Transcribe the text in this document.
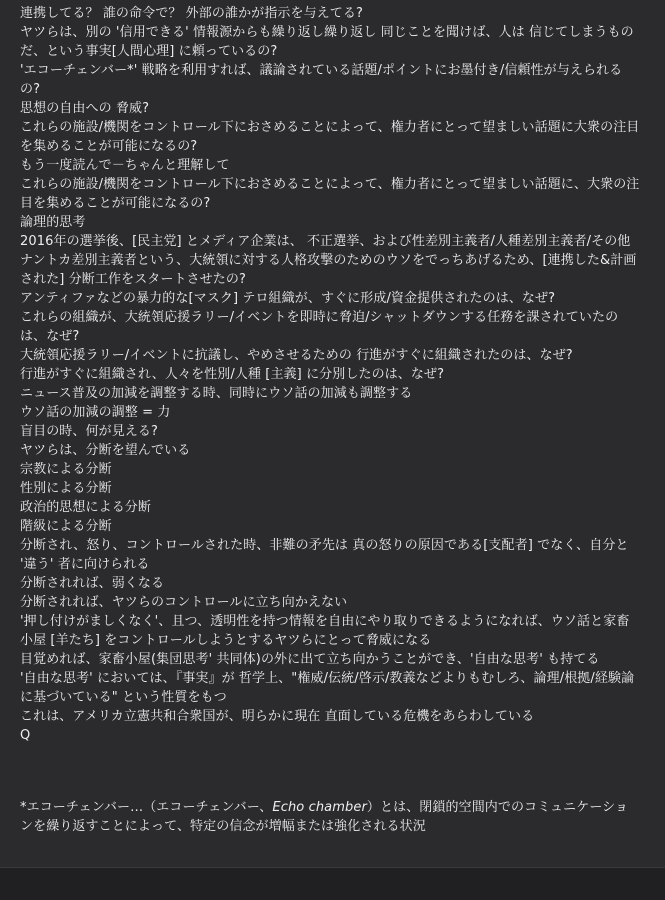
連携してる？ 誰の命令で？ 外部の誰かが指示を与えてる?
ヤツらは、別の '信用できる' 情報源からも繰り返し繰り返し 同じことを聞けば、人は 信じてしまうものだ、という事実[人間心理] に頼っているの?
'エコーチェンバー*' 戦略を利用すれば、議論されている話題/ポイントにお墨付き/信頼性が与えられるの?
思想の自由への 脅威?
これらの施設/機関をコントロール下におさめることによって、権力者にとって望ましい話題に大衆の注目を集めることが可能になるの?
もう一度読んで－ちゃんと理解して
これらの施設/機関をコントロール下におさめることによって、権力者にとって望ましい話題に、大衆の注目を集めることが可能になるの?
論理的思考
2016年の選挙後、[民主党] とメディア企業は、 不正選挙、および性差別主義者/人種差別主義者/その他ナントカ差別主義者という、大統領に対する人格攻撃のためのウソをでっちあげるため、[連携した&計画された] 分断工作をスタートさせたの?
アンティファなどの暴力的な[マスク] テロ組織が、すぐに形成/資金提供されたのは、なぜ?
これらの組織が、大統領応援ラリー/イベントを即時に脅迫/シャットダウンする任務を課されていたのは、なぜ?
大統領応援ラリー/イベントに抗議し、やめさせるための 行進がすぐに組織されたのは、なぜ?
行進がすぐに組織され、人々を性別/人種 [主義] に分別したのは、なぜ?
ニュース普及の加減を調整する時、同時にウソ話の加減も調整する
ウソ話の加減の調整 = 力
盲目の時、何が見える?
ヤツらは、分断を望んでいる
宗教による分断
性別による分断
政治的思想による分断
階級による分断
分断され、怒り、コントロールされた時、非難の矛先は 真の怒りの原因である[支配者] でなく、自分と '違う' 者に向けられる
分断されれば、弱くなる
分断されれば、ヤツらのコントロールに立ち向かえない
'押し付けがましくなく'、且つ、透明性を持つ情報を自由にやり取りできるようになれば、ウソ話と家畜小屋 [羊たち] をコントロールしようとするヤツらにとって脅威になる
目覚めれば、家畜小屋(集団思考' 共同体)の外に出て立ち向かうことができ、'自由な思考' も持てる
'自由な思考' においては、『事実』が 哲学上、"権威/伝統/啓示/教義などよりもむしろ、論理/根拠/経験論に基づいている" という性質をもつ
これは、アメリカ立憲共和合衆国が、明らかに現在 直面している危機をあらわしている
Q
*エコーチェンバー…（エコーチェンバー、Echo chamber）とは、閉鎖的空間内でのコミュニケーションを繰り返すことによって、特定の信念が増幅または強化される状況
